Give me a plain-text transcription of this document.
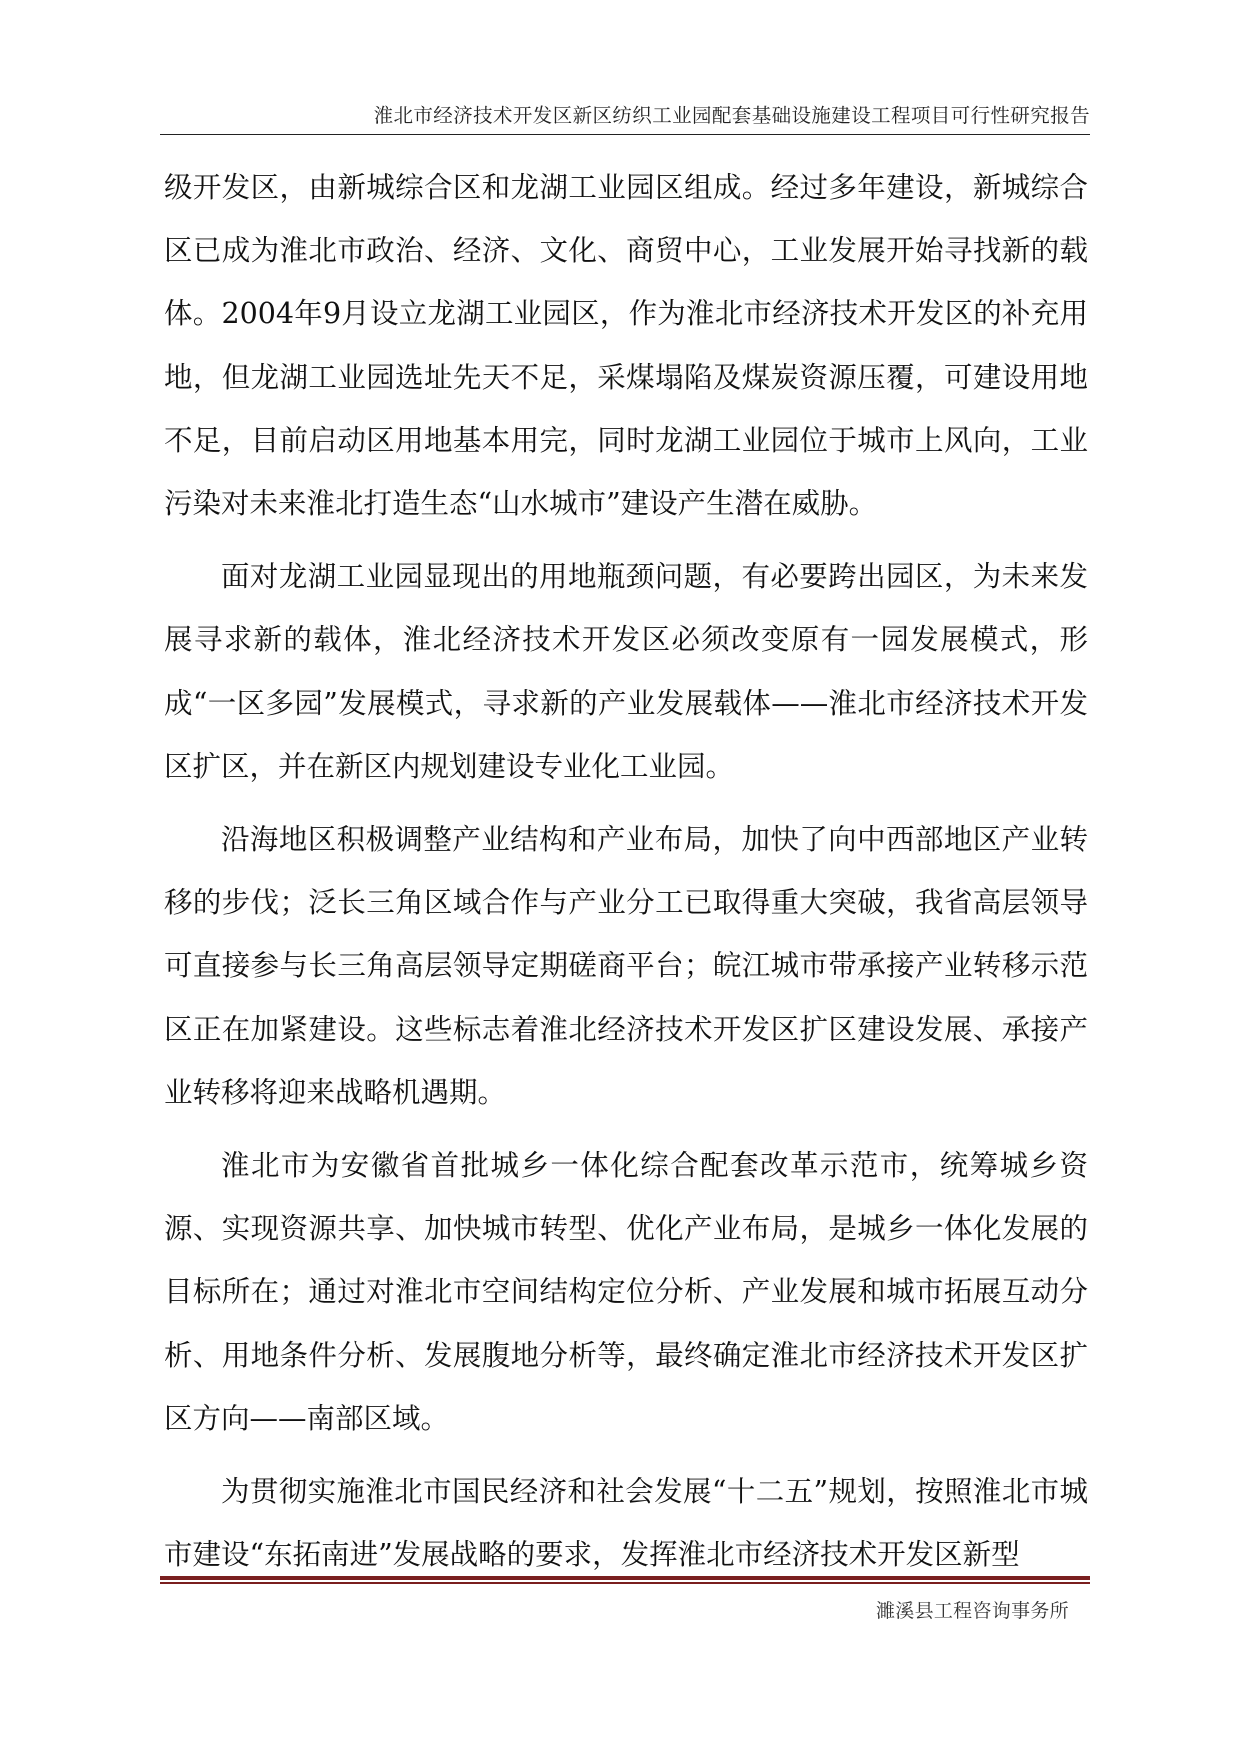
淮北市经济技术开发区新区纺织工业园配套基础设施建设工程项目可行性研究报告

级开发区，由新城综合区和龙湖工业园区组成。经过多年建设，新城综合区已成为淮北市政治、经济、文化、商贸中心，工业发展开始寻找新的载体。2004年9月设立龙湖工业园区，作为淮北市经济技术开发区的补充用地，但龙湖工业园选址先天不足，采煤塌陷及煤炭资源压覆，可建设用地不足，目前启动区用地基本用完，同时龙湖工业园位于城市上风向，工业污染对未来淮北打造生态“山水城市”建设产生潜在威胁。

面对龙湖工业园显现出的用地瓶颈问题，有必要跨出园区，为未来发展寻求新的载体，淮北经济技术开发区必须改变原有一园发展模式，形成“一区多园”发展模式，寻求新的产业发展载体——淮北市经济技术开发区扩区，并在新区内规划建设专业化工业园。

沿海地区积极调整产业结构和产业布局，加快了向中西部地区产业转移的步伐；泛长三角区域合作与产业分工已取得重大突破，我省高层领导可直接参与长三角高层领导定期磋商平台；皖江城市带承接产业转移示范区正在加紧建设。这些标志着淮北经济技术开发区扩区建设发展、承接产业转移将迎来战略机遇期。

淮北市为安徽省首批城乡一体化综合配套改革示范市，统筹城乡资源、实现资源共享、加快城市转型、优化产业布局，是城乡一体化发展的目标所在；通过对淮北市空间结构定位分析、产业发展和城市拓展互动分析、用地条件分析、发展腹地分析等，最终确定淮北市经济技术开发区扩区方向——南部区域。

为贯彻实施淮北市国民经济和社会发展“十二五”规划，按照淮北市城市建设“东拓南进”发展战略的要求，发挥淮北市经济技术开发区新型

濉溪县工程咨询事务所
